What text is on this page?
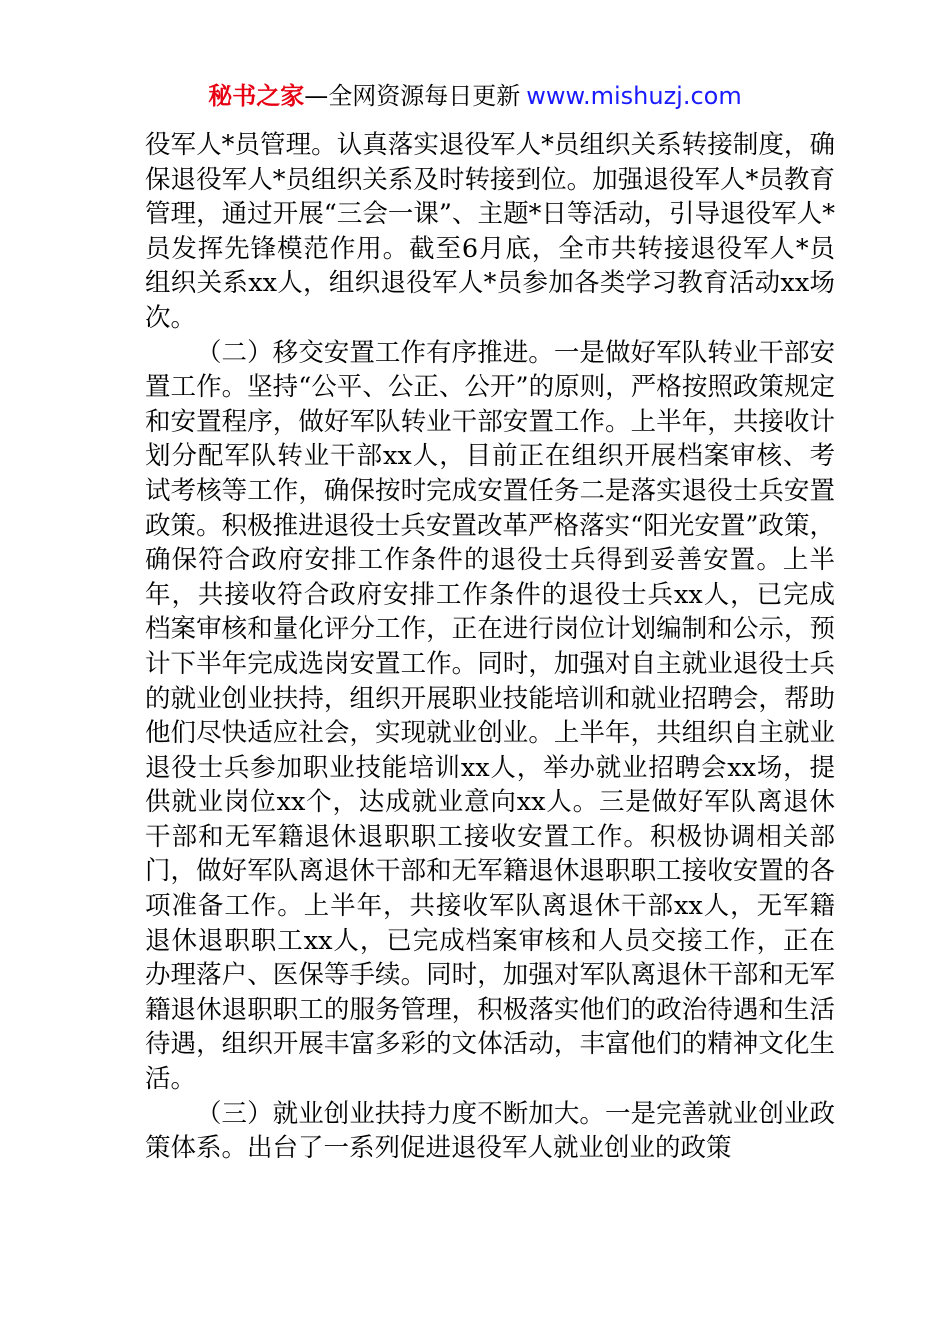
秘书之家—全网资源每日更新 www.mishuzj.com

役军人*员管理。认真落实退役军人*员组织关系转接制度，确保退役军人*员组织关系及时转接到位。加强退役军人*员教育管理，通过开展“三会一课”、主题*日等活动，引导退役军人*员发挥先锋模范作用。截至6月底，全市共转接退役军人*员组织关系xx人，组织退役军人*员参加各类学习教育活动xx场次。

（二）移交安置工作有序推进。一是做好军队转业干部安置工作。坚持“公平、公正、公开”的原则，严格按照政策规定和安置程序，做好军队转业干部安置工作。上半年，共接收计划分配军队转业干部xx人，目前正在组织开展档案审核、考试考核等工作，确保按时完成安置任务二是落实退役士兵安置政策。积极推进退役士兵安置改革严格落实“阳光安置”政策，确保符合政府安排工作条件的退役士兵得到妥善安置。上半年，共接收符合政府安排工作条件的退役士兵xx人，已完成档案审核和量化评分工作，正在进行岗位计划编制和公示，预计下半年完成选岗安置工作。同时，加强对自主就业退役士兵的就业创业扶持，组织开展职业技能培训和就业招聘会，帮助他们尽快适应社会，实现就业创业。上半年，共组织自主就业退役士兵参加职业技能培训xx人，举办就业招聘会xx场，提供就业岗位xx个，达成就业意向xx人。三是做好军队离退休干部和无军籍退休退职职工接收安置工作。积极协调相关部门，做好军队离退休干部和无军籍退休退职职工接收安置的各项准备工作。上半年，共接收军队离退休干部xx人，无军籍退休退职职工xx人，已完成档案审核和人员交接工作，正在办理落户、医保等手续。同时，加强对军队离退休干部和无军籍退休退职职工的服务管理，积极落实他们的政治待遇和生活待遇，组织开展丰富多彩的文体活动，丰富他们的精神文化生活。

（三）就业创业扶持力度不断加大。一是完善就业创业政策体系。出台了一系列促进退役军人就业创业的政策
